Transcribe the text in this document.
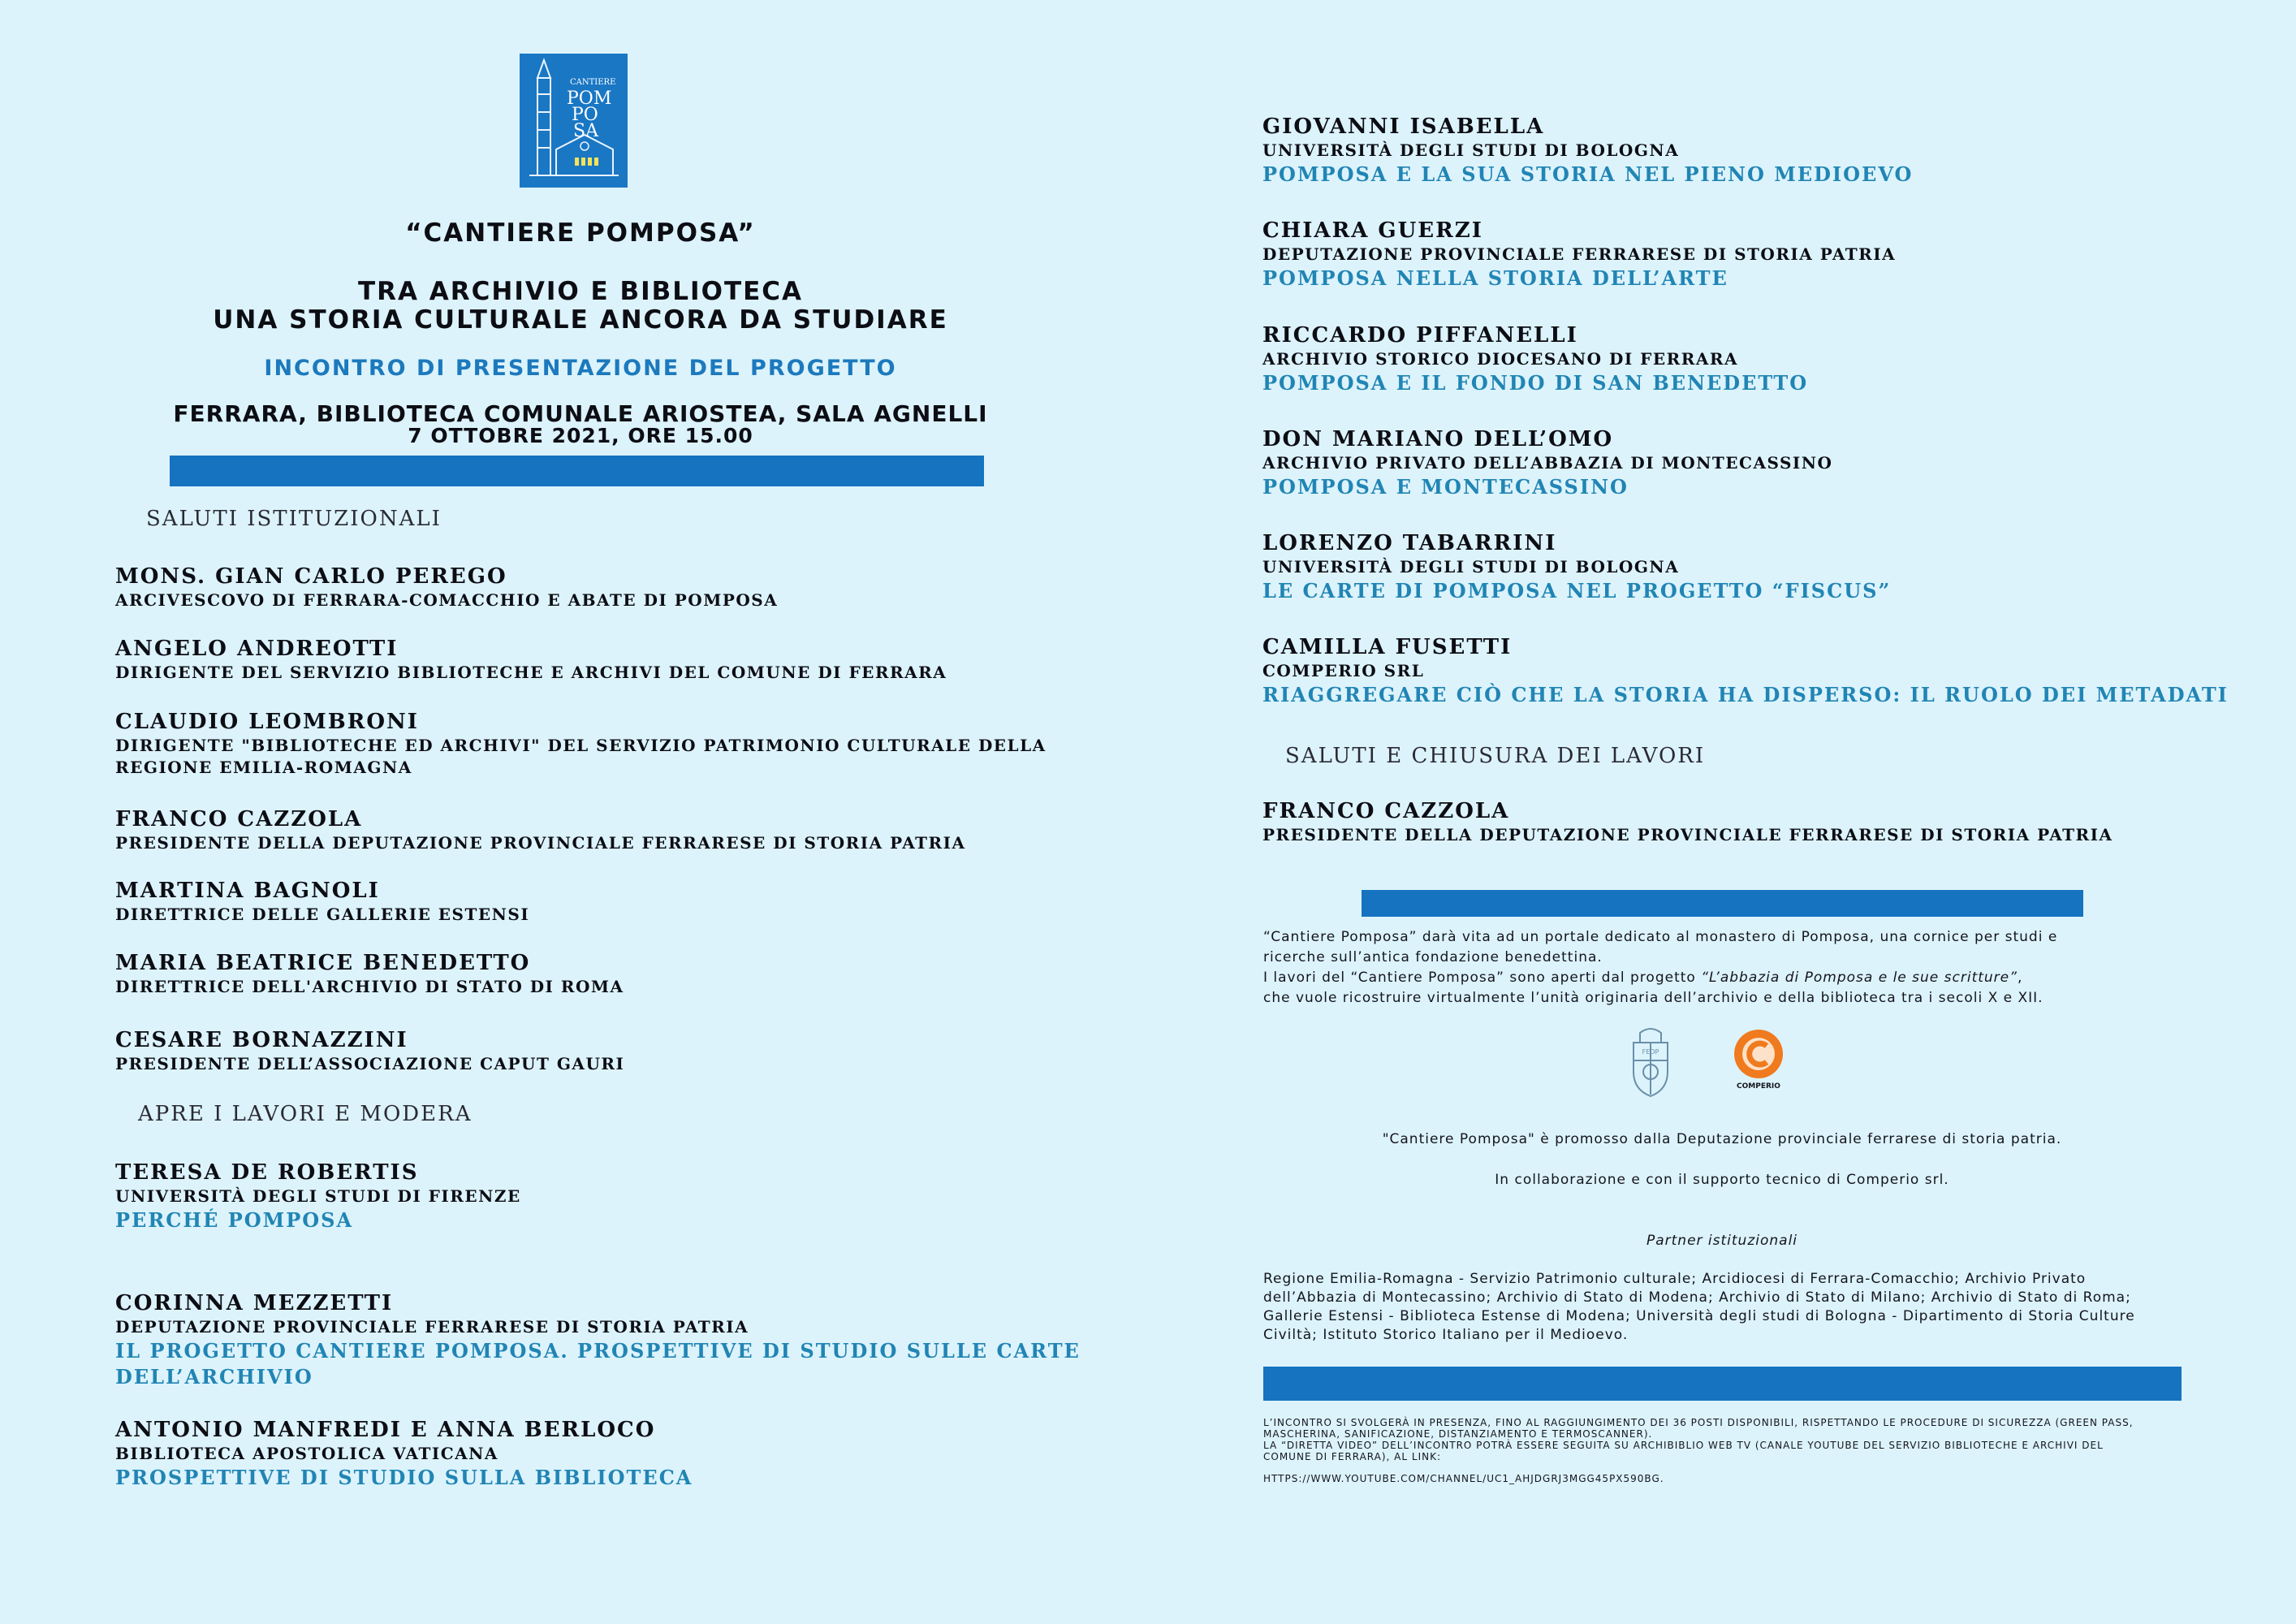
CANTIERE
POM
PO
SA
“CANTIERE POMPOSA”
TRA ARCHIVIO E BIBLIOTECA
UNA STORIA CULTURALE ANCORA DA STUDIARE
INCONTRO DI PRESENTAZIONE DEL PROGETTO
FERRARA, BIBLIOTECA COMUNALE ARIOSTEA, SALA AGNELLI
7 OTTOBRE 2021, ORE 15.00
SALUTI ISTITUZIONALI
MONS. GIAN CARLO PEREGO
ARCIVESCOVO DI FERRARA-COMACCHIO E ABATE DI POMPOSA
ANGELO ANDREOTTI
DIRIGENTE DEL SERVIZIO BIBLIOTECHE E ARCHIVI DEL COMUNE DI FERRARA
CLAUDIO LEOMBRONI
DIRIGENTE "BIBLIOTECHE ED ARCHIVI" DEL SERVIZIO PATRIMONIO CULTURALE DELLA
REGIONE EMILIA-ROMAGNA
FRANCO CAZZOLA
PRESIDENTE DELLA DEPUTAZIONE PROVINCIALE FERRARESE DI STORIA PATRIA
MARTINA BAGNOLI
DIRETTRICE DELLE GALLERIE ESTENSI
MARIA BEATRICE BENEDETTO
DIRETTRICE DELL'ARCHIVIO DI STATO DI ROMA
CESARE BORNAZZINI
PRESIDENTE DELL’ASSOCIAZIONE CAPUT GAURI
APRE I LAVORI E MODERA
TERESA DE ROBERTIS
UNIVERSITÀ DEGLI STUDI DI FIRENZE
PERCHÉ POMPOSA
CORINNA MEZZETTI
DEPUTAZIONE PROVINCIALE FERRARESE DI STORIA PATRIA
IL PROGETTO CANTIERE POMPOSA. PROSPETTIVE DI STUDIO SULLE CARTE
DELL’ARCHIVIO
ANTONIO MANFREDI E ANNA BERLOCO
BIBLIOTECA APOSTOLICA VATICANA
PROSPETTIVE DI STUDIO SULLA BIBLIOTECA
GIOVANNI ISABELLA
UNIVERSITÀ DEGLI STUDI DI BOLOGNA
POMPOSA E LA SUA STORIA NEL PIENO MEDIOEVO
CHIARA GUERZI
DEPUTAZIONE PROVINCIALE FERRARESE DI STORIA PATRIA
POMPOSA NELLA STORIA DELL’ARTE
RICCARDO PIFFANELLI
ARCHIVIO STORICO DIOCESANO DI FERRARA
POMPOSA E IL FONDO DI SAN BENEDETTO
DON MARIANO DELL’OMO
ARCHIVIO PRIVATO DELL’ABBAZIA DI MONTECASSINO
POMPOSA E MONTECASSINO
LORENZO TABARRINI
UNIVERSITÀ DEGLI STUDI DI BOLOGNA
LE CARTE DI POMPOSA NEL PROGETTO “FISCUS”
CAMILLA FUSETTI
COMPERIO SRL
RIAGGREGARE CIÒ CHE LA STORIA HA DISPERSO: IL RUOLO DEI METADATI
SALUTI E CHIUSURA DEI LAVORI
FRANCO CAZZOLA
PRESIDENTE DELLA DEPUTAZIONE PROVINCIALE FERRARESE DI STORIA PATRIA
“Cantiere Pomposa” darà vita ad un portale dedicato al monastero di Pomposa, una cornice per studi e
ricerche sull’antica fondazione benedettina.
I lavori del “Cantiere Pomposa” sono aperti dal progetto “L’abbazia di Pomposa e le sue scritture”,
che vuole ricostruire virtualmente l’unità originaria dell’archivio e della biblioteca tra i secoli X e XII.
FEDP
COMPERIO
"Cantiere Pomposa" è promosso dalla Deputazione provinciale ferrarese di storia patria.
In collaborazione e con il supporto tecnico di Comperio srl.
Partner istituzionali
Regione Emilia-Romagna - Servizio Patrimonio culturale; Arcidiocesi di Ferrara-Comacchio; Archivio Privato
dell’Abbazia di Montecassino; Archivio di Stato di Modena; Archivio di Stato di Milano; Archivio di Stato di Roma;
Gallerie Estensi - Biblioteca Estense di Modena; Università degli studi di Bologna - Dipartimento di Storia Culture
Civiltà; Istituto Storico Italiano per il Medioevo.
L’INCONTRO SI SVOLGERÀ IN PRESENZA, FINO AL RAGGIUNGIMENTO DEI 36 POSTI DISPONIBILI, RISPETTANDO LE PROCEDURE DI SICUREZZA (GREEN PASS,
MASCHERINA, SANIFICAZIONE, DISTANZIAMENTO E TERMOSCANNER).
LA “DIRETTA VIDEO” DELL’INCONTRO POTRÀ ESSERE SEGUITA SU ARCHIBIBLIO WEB TV (CANALE YOUTUBE DEL SERVIZIO BIBLIOTECHE E ARCHIVI DEL
COMUNE DI FERRARA), AL LINK:
HTTPS://WWW.YOUTUBE.COM/CHANNEL/UC1_AHJDGRJ3MGG45PX590BG.
